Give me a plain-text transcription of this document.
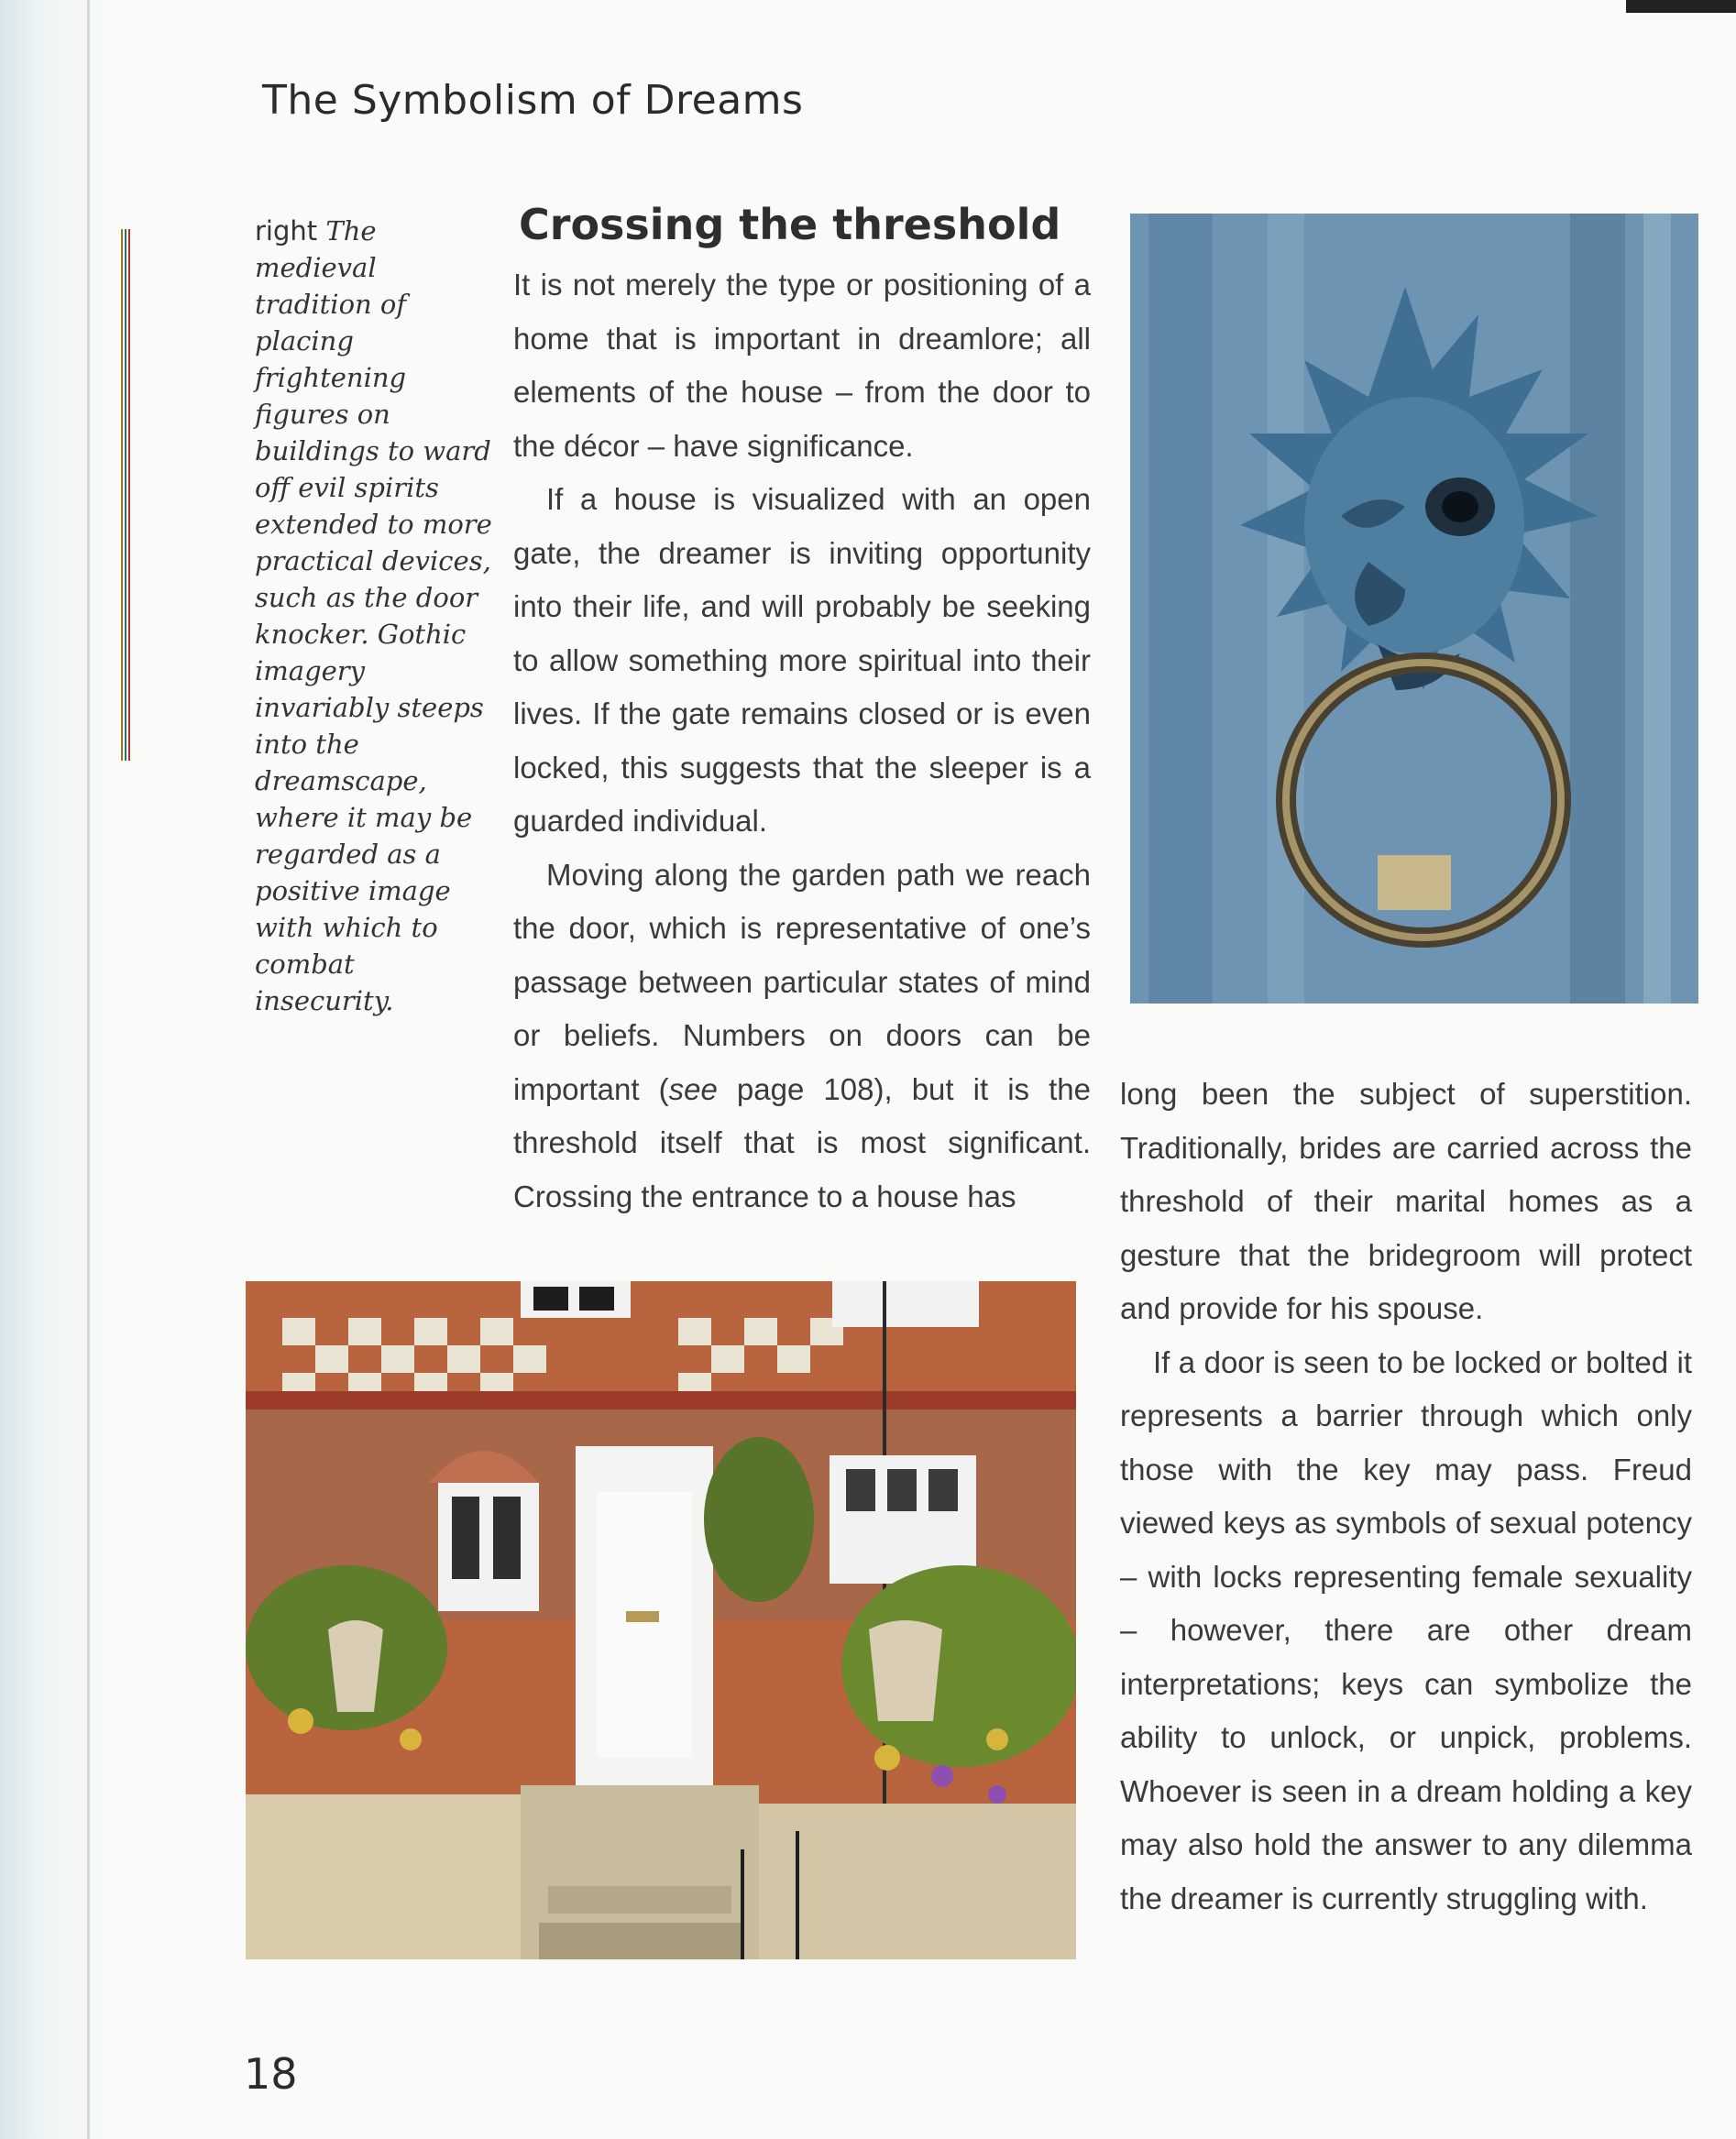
The Symbolism of Dreams
right The medieval tradition of placing frightening figures on buildings to ward off evil spirits extended to more practical devices, such as the door knocker. Gothic imagery invariably steeps into the dreamscape, where it may be regarded as a positive image with which to combat insecurity.
Crossing the threshold

It is not merely the type or positioning of a home that is important in dreamlore; all elements of the house – from the door to the décor – have significance.

If a house is visualized with an open gate, the dreamer is inviting opportunity into their life, and will probably be seeking to allow something more spiritual into their lives. If the gate remains closed or is even locked, this suggests that the sleeper is a guarded individual.

Moving along the garden path we reach the door, which is representative of one’s passage between particular states of mind or beliefs. Numbers on doors can be important (see page 108), but it is the threshold itself that is most significant. Crossing the entrance to a house has

long been the subject of superstition. Traditionally, brides are carried across the threshold of their marital homes as a gesture that the bridegroom will protect and provide for his spouse.

If a door is seen to be locked or bolted it represents a barrier through which only those with the key may pass. Freud viewed keys as symbols of sexual potency – with locks representing female sexuality – however, there are other dream interpretations; keys can symbolize the ability to unlock, or unpick, problems. Whoever is seen in a dream holding a key may also hold the answer to any dilemma the dreamer is currently struggling with.

18
